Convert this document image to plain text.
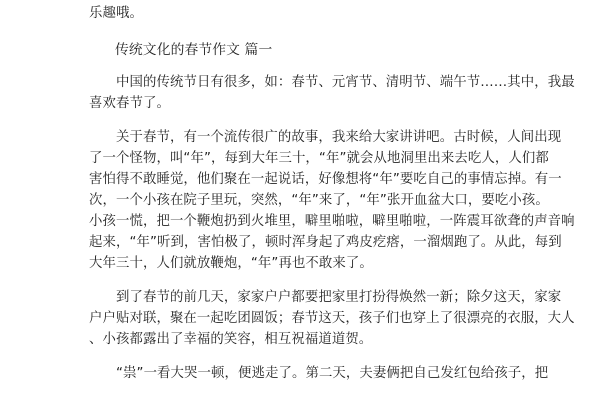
乐趣哦。

传统文化的春节作文 篇一

中国的传统节日有很多，如：春节、元宵节、清明节、端午节……其中，我最

喜欢春节了。

关于春节，有一个流传很广的故事，我来给大家讲讲吧。古时候，人间出现

了一个怪物，叫“年”，每到大年三十，“年”就会从地洞里出来去吃人，人们都

害怕得不敢睡觉，他们聚在一起说话，好像想将“年”要吃自己的事情忘掉。有一

次，一个小孩在院子里玩，突然，“年”来了，“年”张开血盆大口，要吃小孩。

小孩一慌，把一个鞭炮扔到火堆里，噼里啪啦，噼里啪啦，一阵震耳欲聋的声音响

起来，“年”听到，害怕极了，顿时浑身起了鸡皮疙瘩，一溜烟跑了。从此，每到

大年三十，人们就放鞭炮，“年”再也不敢来了。

到了春节的前几天，家家户户都要把家里打扮得焕然一新；除夕这天，家家

户户贴对联，聚在一起吃团圆饭；春节这天，孩子们也穿上了很漂亮的衣服，大人

、小孩都露出了幸福的笑容，相互祝福道道贺。

“祟”一看大哭一顿，便逃走了。第二天，夫妻俩把自己发红包给孩子，把
